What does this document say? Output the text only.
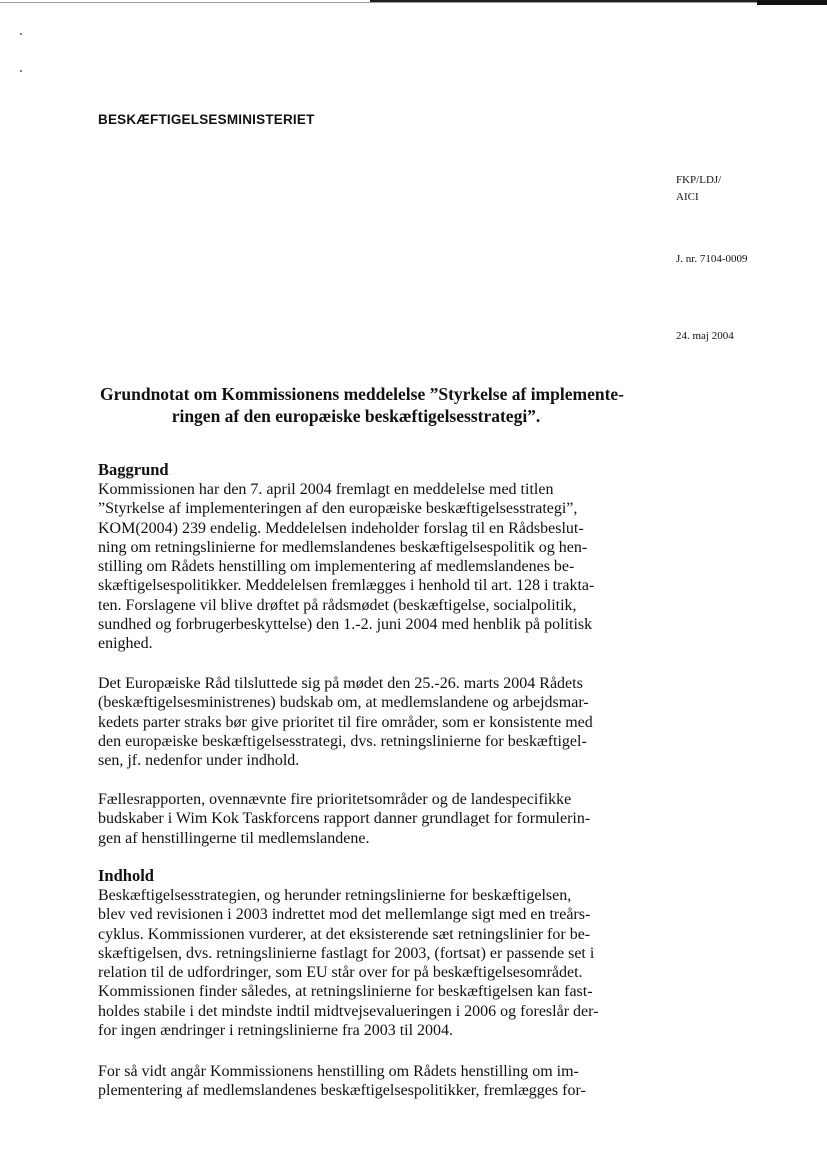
BESKÆFTIGELSESMINISTERIET
FKP/LDJ/
AICI
J. nr. 7104-0009
24. maj 2004
Grundnotat om Kommissionens meddelelse ”Styrkelse af implemente-
ringen af den europæiske beskæftigelsesstrategi”.
Baggrund
Kommissionen har den 7. april 2004 fremlagt en meddelelse med titlen
”Styrkelse af implementeringen af den europæiske beskæftigelsesstrategi”,
KOM(2004) 239 endelig. Meddelelsen indeholder forslag til en Rådsbeslut-
ning om retningslinierne for medlemslandenes beskæftigelsespolitik og hen-
stilling om Rådets henstilling om implementering af medlemslandenes be-
skæftigelsespolitikker. Meddelelsen fremlægges i henhold til art. 128 i trakta-
ten. Forslagene vil blive drøftet på rådsmødet (beskæftigelse, socialpolitik,
sundhed og forbrugerbeskyttelse) den 1.-2. juni 2004 med henblik på politisk
enighed.
Det Europæiske Råd tilsluttede sig på mødet den 25.-26. marts 2004 Rådets
(beskæftigelsesministrenes) budskab om, at medlemslandene og arbejdsmar-
kedets parter straks bør give prioritet til fire områder, som er konsistente med
den europæiske beskæftigelsesstrategi, dvs. retningslinierne for beskæftigel-
sen, jf. nedenfor under indhold.
Fællesrapporten, ovennævnte fire prioritetsområder og de landespecifikke
budskaber i Wim Kok Taskforcens rapport danner grundlaget for formulerin-
gen af henstillingerne til medlemslandene.
Indhold
Beskæftigelsesstrategien, og herunder retningslinierne for beskæftigelsen,
blev ved revisionen i 2003 indrettet mod det mellemlange sigt med en treårs-
cyklus. Kommissionen vurderer, at det eksisterende sæt retningslinier for be-
skæftigelsen, dvs. retningslinierne fastlagt for 2003, (fortsat) er passende set i
relation til de udfordringer, som EU står over for på beskæftigelsesområdet.
Kommissionen finder således, at retningslinierne for beskæftigelsen kan fast-
holdes stabile i det mindste indtil midtvejsevalueringen i 2006 og foreslår der-
for ingen ændringer i retningslinierne fra 2003 til 2004.
For så vidt angår Kommissionens henstilling om Rådets henstilling om im-
plementering af medlemslandenes beskæftigelsespolitikker, fremlægges for-
